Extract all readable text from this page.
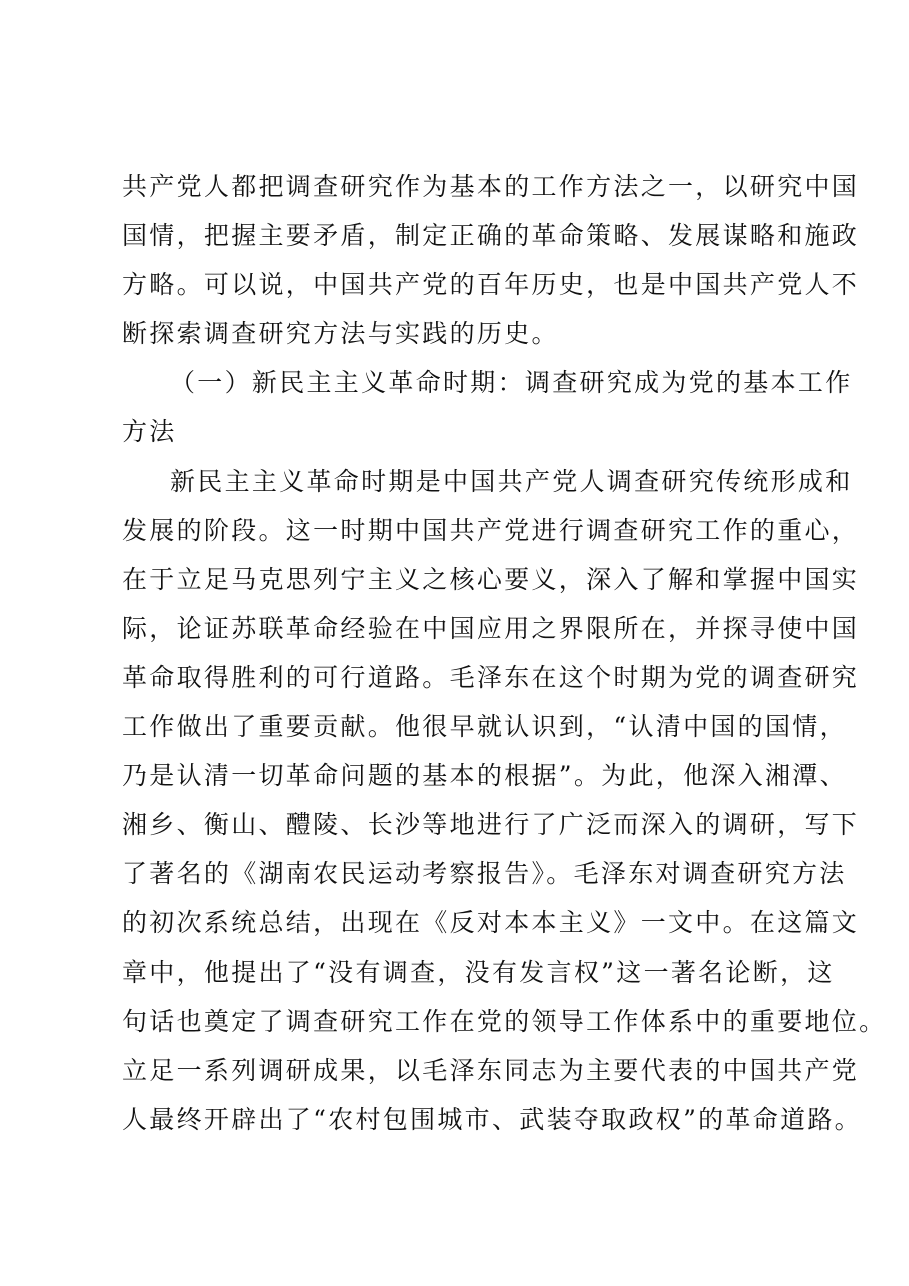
共产党人都把调查研究作为基本的工作方法之一，以研究中国
国情，把握主要矛盾，制定正确的革命策略、发展谋略和施政
方略。可以说，中国共产党的百年历史，也是中国共产党人不
断探索调查研究方法与实践的历史。
（一）新民主主义革命时期：调查研究成为党的基本工作
方法
新民主主义革命时期是中国共产党人调查研究传统形成和
发展的阶段。这一时期中国共产党进行调查研究工作的重心，
在于立足马克思列宁主义之核心要义，深入了解和掌握中国实
际，论证苏联革命经验在中国应用之界限所在，并探寻使中国
革命取得胜利的可行道路。毛泽东在这个时期为党的调查研究
工作做出了重要贡献。他很早就认识到，“认清中国的国情，
乃是认清一切革命问题的基本的根据”。为此，他深入湘潭、
湘乡、衡山、醴陵、长沙等地进行了广泛而深入的调研，写下
了著名的《湖南农民运动考察报告》。毛泽东对调查研究方法
的初次系统总结，出现在《反对本本主义》一文中。在这篇文
章中，他提出了“没有调查，没有发言权”这一著名论断，这
句话也奠定了调查研究工作在党的领导工作体系中的重要地位。
立足一系列调研成果，以毛泽东同志为主要代表的中国共产党
人最终开辟出了“农村包围城市、武装夺取政权”的革命道路。
